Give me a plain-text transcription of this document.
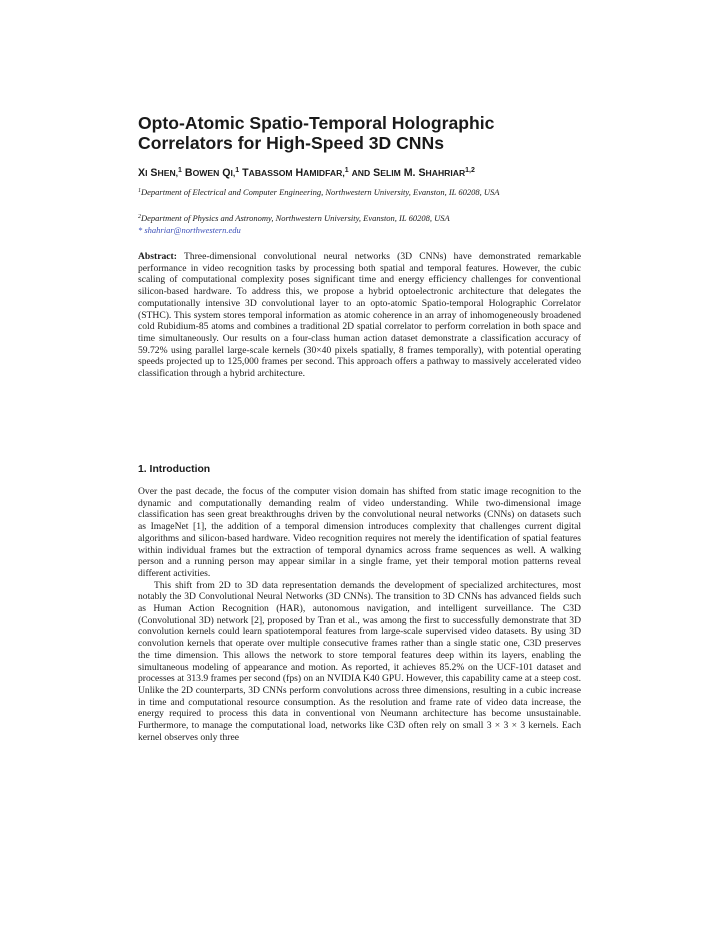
Opto-Atomic Spatio-Temporal Holographic Correlators for High-Speed 3D CNNs
XI SHEN,$^1$ BOWEN QI,$^1$ TABASSOM HAMIDFAR,$^1$ AND SELIM M. SHAHRIAR$^{1,2}$
$^1$Department of Electrical and Computer Engineering, Northwestern University, Evanston, IL 60208, USA
$^2$Department of Physics and Astronomy, Northwestern University, Evanston, IL 60208, USA
* shahriar@northwestern.edu

Abstract: Three-dimensional convolutional neural networks (3D CNNs) have demonstrated remarkable performance in video recognition tasks by processing both spatial and temporal features. However, the cubic scaling of computational complexity poses significant time and energy efficiency challenges for conventional silicon-based hardware. To address this, we propose a hybrid optoelectronic architecture that delegates the computationally intensive 3D convolutional layer to an opto-atomic Spatio-temporal Holographic Correlator (STHC). This system stores temporal information as atomic coherence in an array of inhomogeneously broadened cold Rubidium-85 atoms and combines a traditional 2D spatial correlator to perform correlation in both space and time simultaneously. Our results on a four-class human action dataset demonstrate a classification accuracy of 59.72% using parallel large-scale kernels (30×40 pixels spatially, 8 frames temporally), with potential operating speeds projected up to 125,000 frames per second. This approach offers a pathway to massively accelerated video classification through a hybrid architecture.

1. Introduction

Over the past decade, the focus of the computer vision domain has shifted from static image recognition to the dynamic and computationally demanding realm of video understanding. While two-dimensional image classification has seen great breakthroughs driven by the convolutional neural networks (CNNs) on datasets such as ImageNet [1], the addition of a temporal dimension introduces complexity that challenges current digital algorithms and silicon-based hardware. Video recognition requires not merely the identification of spatial features within individual frames but the extraction of temporal dynamics across frame sequences as well. A walking person and a running person may appear similar in a single frame, yet their temporal motion patterns reveal different activities.

This shift from 2D to 3D data representation demands the development of specialized architectures, most notably the 3D Convolutional Neural Networks (3D CNNs). The transition to 3D CNNs has advanced fields such as Human Action Recognition (HAR), autonomous navigation, and intelligent surveillance. The C3D (Convolutional 3D) network [2], proposed by Tran et al., was among the first to successfully demonstrate that 3D convolution kernels could learn spatiotemporal features from large-scale supervised video datasets. By using 3D convolution kernels that operate over multiple consecutive frames rather than a single static one, C3D preserves the time dimension. This allows the network to store temporal features deep within its layers, enabling the simultaneous modeling of appearance and motion. As reported, it achieves 85.2% on the UCF-101 dataset and processes at 313.9 frames per second (fps) on an NVIDIA K40 GPU. However, this capability came at a steep cost. Unlike the 2D counterparts, 3D CNNs perform convolutions across three dimensions, resulting in a cubic increase in time and computational resource consumption. As the resolution and frame rate of video data increase, the energy required to process this data in conventional von Neumann architecture has become unsustainable. Furthermore, to manage the computational load, networks like C3D often rely on small 3 × 3 × 3 kernels. Each kernel observes only three
